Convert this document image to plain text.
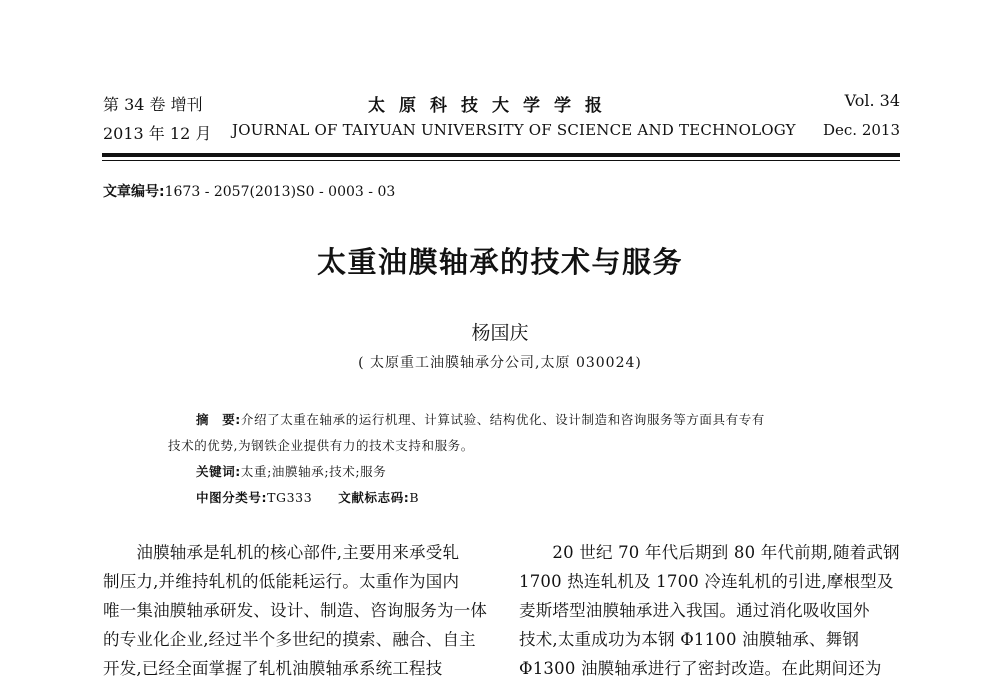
第 34 卷 增刊
2013 年 12 月
太原科技大学学报
JOURNAL OF TAIYUAN UNIVERSITY OF SCIENCE AND TECHNOLOGY
Vol. 34
Dec. 2013
文章编号:1673 - 2057(2013)S0 - 0003 - 03
太重油膜轴承的技术与服务
杨国庆
( 太原重工油膜轴承分公司,太原 030024)
摘　要:介绍了太重在轴承的运行机理、计算试验、结构优化、设计制造和咨询服务等方面具有专有
技术的优势,为钢铁企业提供有力的技术支持和服务。
关键词:太重;油膜轴承;技术;服务
中图分类号:TG333 文献标志码:B
　　油膜轴承是轧机的核心部件,主要用来承受轧
制压力,并维持轧机的低能耗运行。太重作为国内
唯一集油膜轴承研发、设计、制造、咨询服务为一体
的专业化企业,经过半个多世纪的摸索、融合、自主
开发,已经全面掌握了轧机油膜轴承系统工程技
　　20 世纪 70 年代后期到 80 年代前期,随着武钢
1700 热连轧机及 1700 冷连轧机的引进,摩根型及
麦斯塔型油膜轴承进入我国。通过消化吸收国外
技术,太重成功为本钢 Φ1100 油膜轴承、舞钢
Φ1300 油膜轴承进行了密封改造。在此期间还为
